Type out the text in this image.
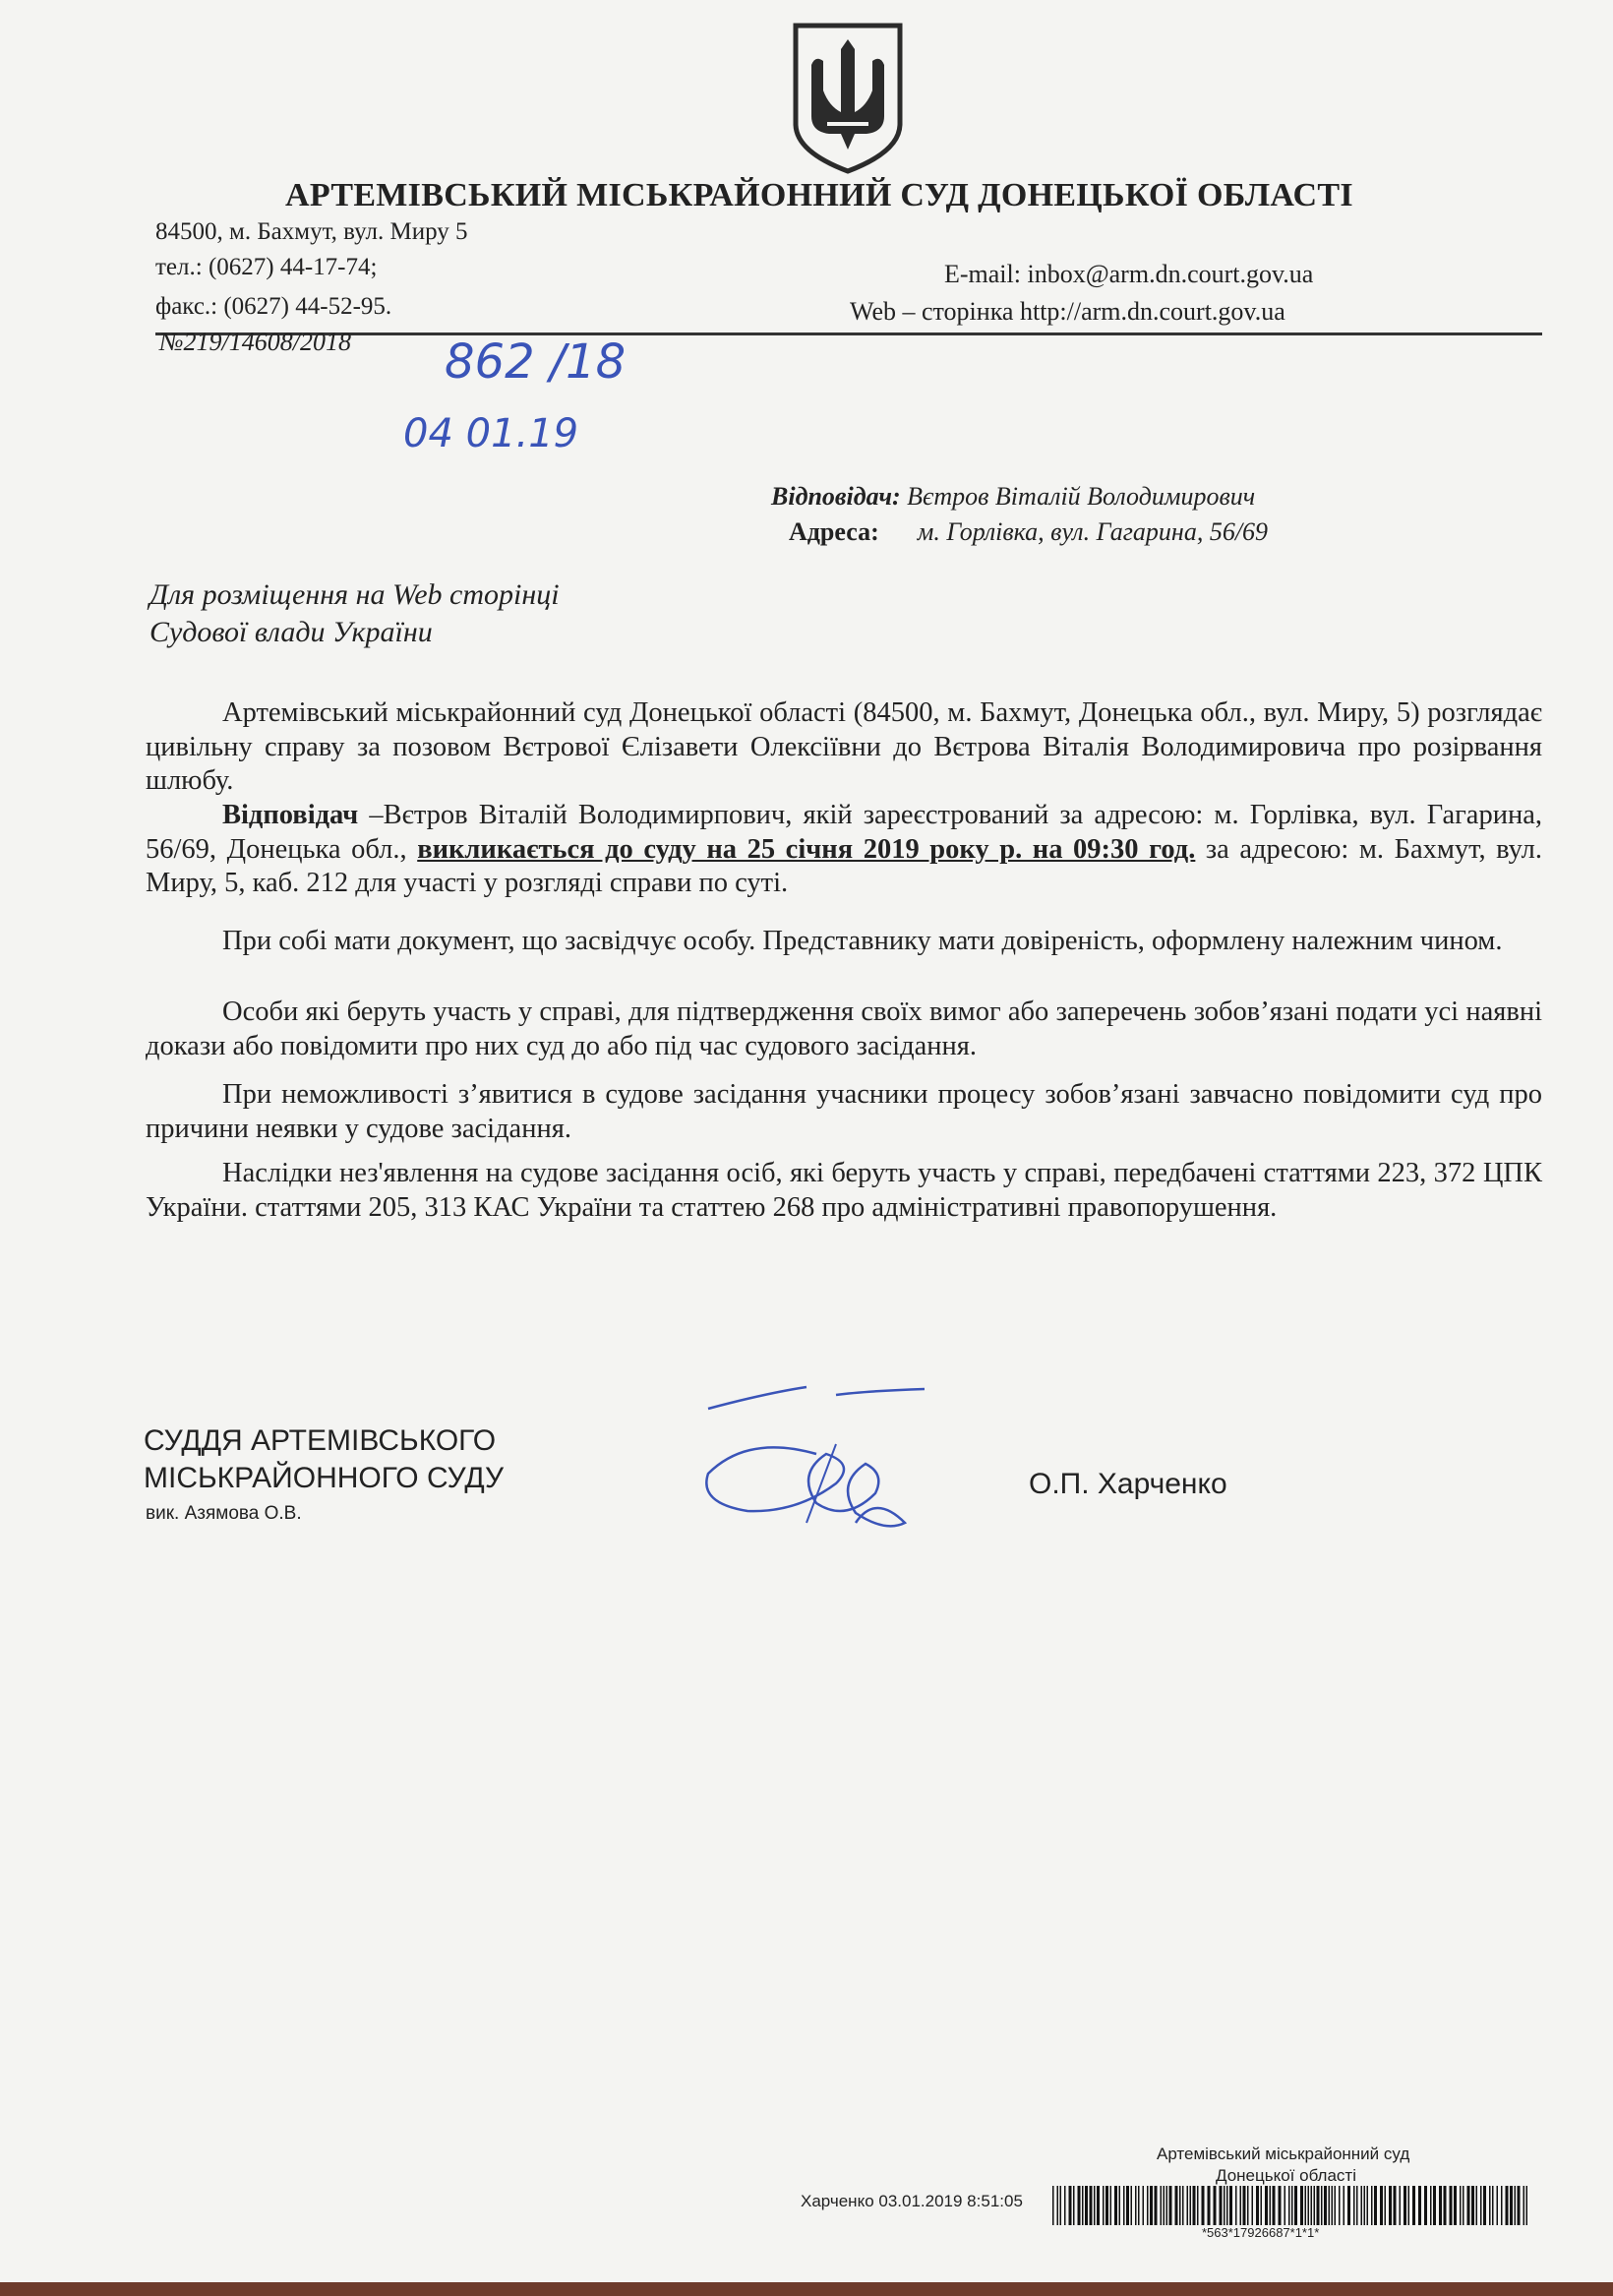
АРТЕМІВСЬКИЙ МІСЬКРАЙОННИЙ СУД ДОНЕЦЬКОЇ ОБЛАСТІ
84500, м. Бахмут, вул. Миру 5
тел.: (0627) 44-17-74;
факс.: (0627) 44-52-95.
E-mail: inbox@arm.dn.court.gov.ua
Web – сторінка http://arm.dn.court.gov.ua
№219/14608/2018 862 /18
04 01.19
Відповідач: Вєтров Віталій Володимирович
Адреса: м. Горлівка, вул. Гагарина, 56/69
Для розміщення на Web сторінці
Судової влади України
Артемівський міськрайонний суд Донецької області (84500, м. Бахмут, Донецька обл., вул. Миру, 5) розглядає цивільну справу за позовом Вєтрової Єлізавети Олексіївни до Вєтрова Віталія Володимировича про розірвання шлюбу.
Відповідач –Вєтров Віталій Володимирпович, якій зареєстрований за адресою: м. Горлівка, вул. Гагарина, 56/69, Донецька обл., викликається до суду на 25 січня 2019 року р. на 09:30 год. за адресою: м. Бахмут, вул. Миру, 5, каб. 212 для участі у розгляді справи по суті.
При собі мати документ, що засвідчує особу. Представнику мати довіреність, оформлену належним чином.
Особи які беруть участь у справі, для підтвердження своїх вимог або заперечень зобов’язані подати усі наявні докази або повідомити про них суд до або під час судового засідання.
При неможливості з’явитися в судове засідання учасники процесу зобов’язані завчасно повідомити суд про причини неявки у судове засідання.
Наслідки нез'явлення на судове засідання осіб, які беруть участь у справі, передбачені статтями 223, 372 ЦПК України. статтями 205, 313 КАС України та статтею 268 про адміністративні правопорушення.
СУДДЯ АРТЕМІВСЬКОГО
МІСЬКРАЙОННОГО СУДУ
вик. Азямова О.В.
О.П. Харченко
Артемівський міськрайонний суд
Донецької області
Харченко 03.01.2019 8:51:05
*563*17926687*1*1*
